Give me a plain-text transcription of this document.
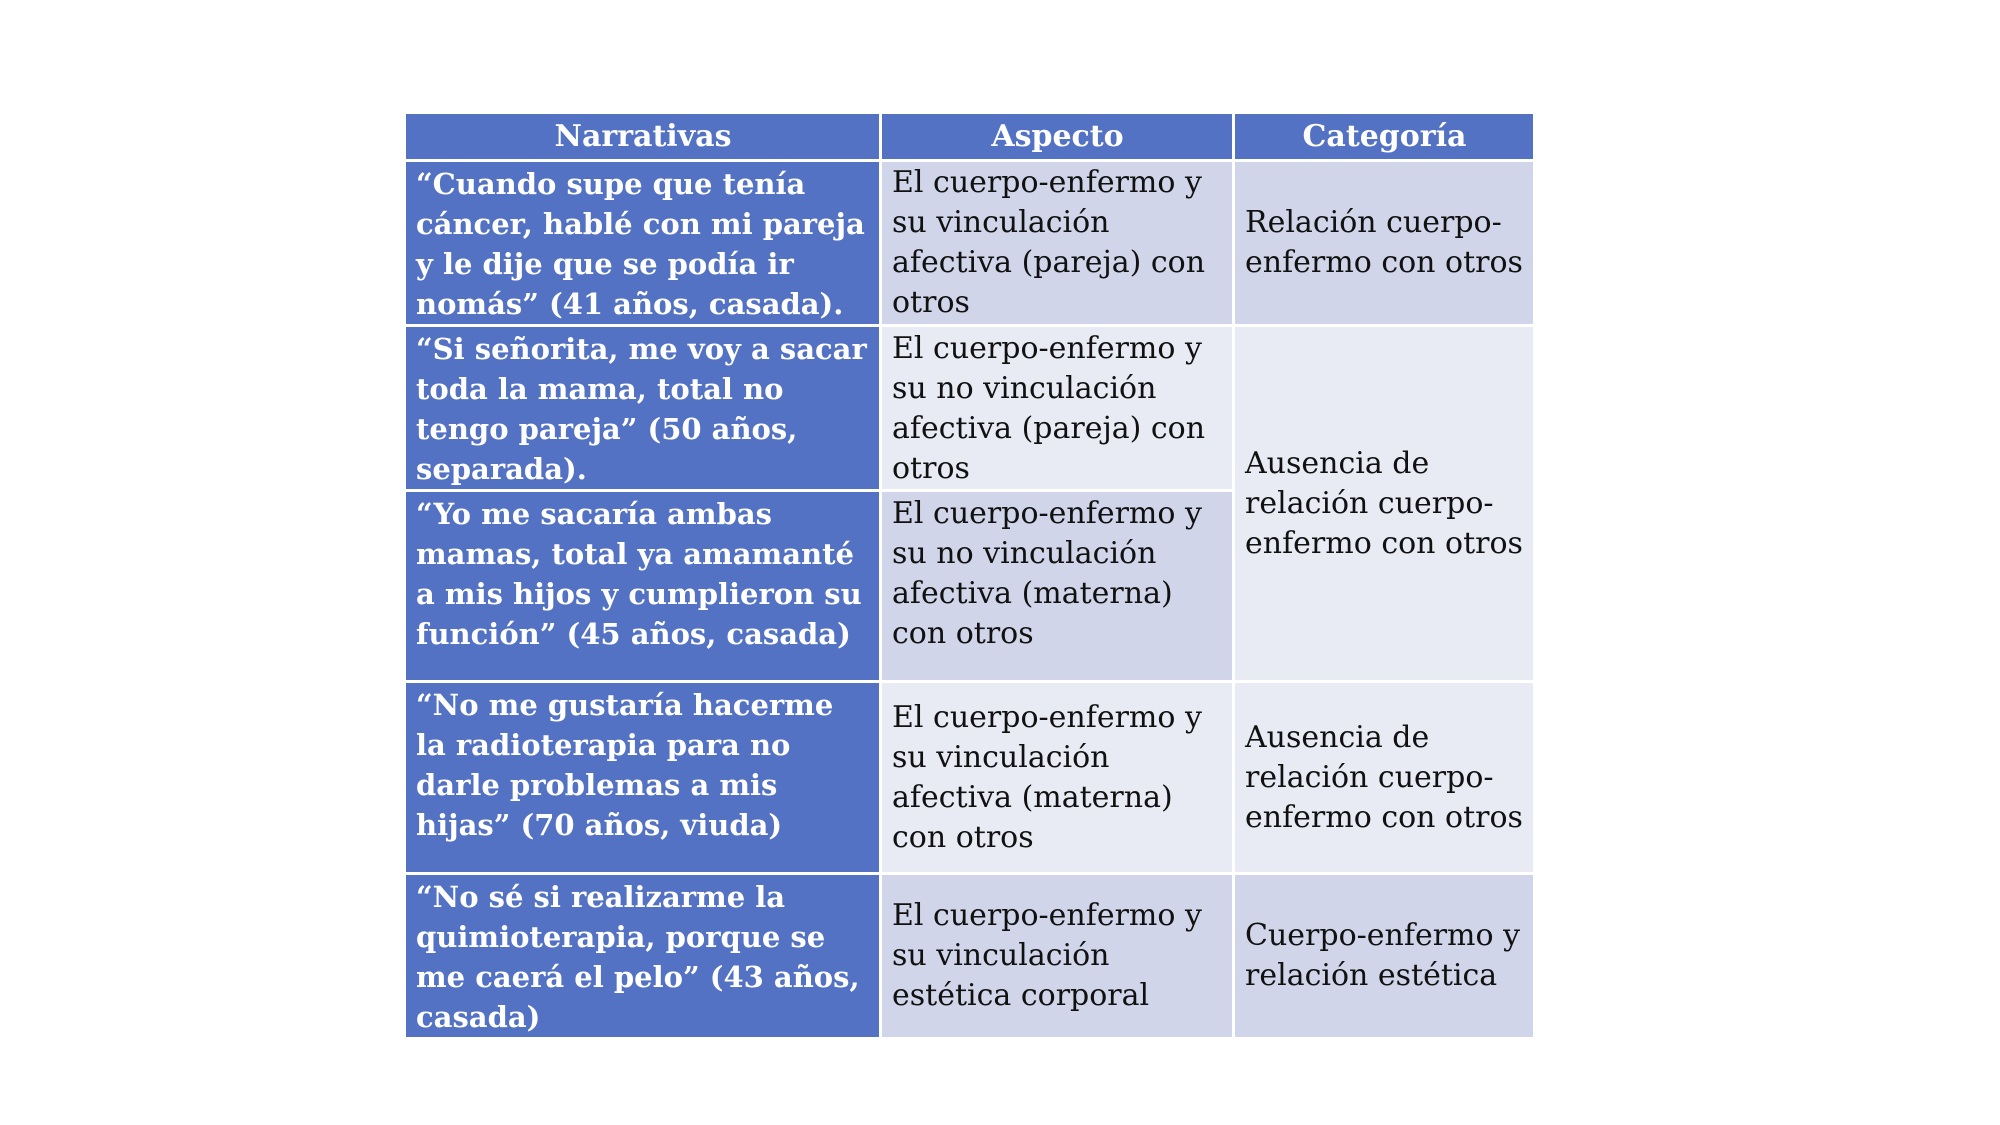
Narrativas	Aspecto	Categoría
“Cuando supe que tenía cáncer, hablé con mi pareja y le dije que se podía ir nomás” (41 años, casada).	El cuerpo-enfermo y su vinculación afectiva (pareja) con otros	Relación cuerpo-enfermo con otros
“Si señorita, me voy a sacar toda la mama, total no tengo pareja” (50 años, separada).	El cuerpo-enfermo y su no vinculación afectiva (pareja) con otros	Ausencia de relación cuerpo-enfermo con otros
“Yo me sacaría ambas mamas, total ya amamanté a mis hijos y cumplieron su función” (45 años, casada)	El cuerpo-enfermo y su no vinculación afectiva (materna) con otros	
“No me gustaría hacerme la radioterapia para no darle problemas a mis hijas” (70 años, viuda)	El cuerpo-enfermo y su vinculación afectiva (materna) con otros	Ausencia de relación cuerpo-enfermo con otros
“No sé si realizarme la quimioterapia, porque se me caerá el pelo” (43 años, casada)	El cuerpo-enfermo y su vinculación estética corporal	Cuerpo-enfermo y relación estética
